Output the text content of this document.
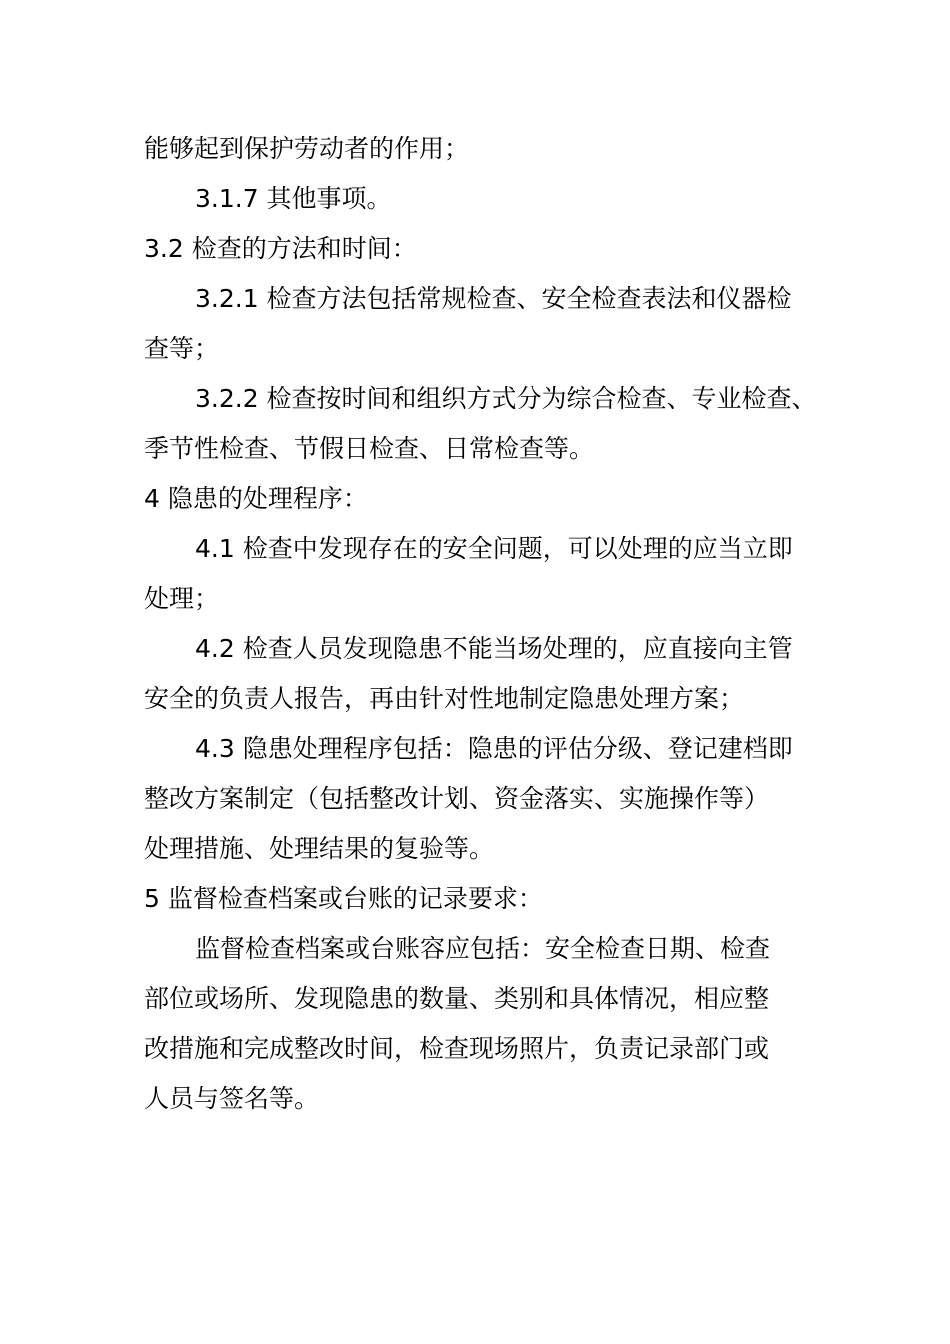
能够起到保护劳动者的作用；
3.1.7 其他事项。
3.2 检查的方法和时间：
3.2.1 检查方法包括常规检查、安全检查表法和仪器检
查等；
3.2.2 检查按时间和组织方式分为综合检查、专业检查、
季节性检查、节假日检查、日常检查等。
4 隐患的处理程序：
4.1 检查中发现存在的安全问题，可以处理的应当立即
处理；
4.2 检查人员发现隐患不能当场处理的，应直接向主管
安全的负责人报告，再由针对性地制定隐患处理方案；
4.3 隐患处理程序包括：隐患的评估分级、登记建档即
整改方案制定（包括整改计划、资金落实、实施操作等）
处理措施、处理结果的复验等。
5 监督检查档案或台账的记录要求：
监督检查档案或台账容应包括：安全检查日期、检查
部位或场所、发现隐患的数量、类别和具体情况，相应整
改措施和完成整改时间，检查现场照片，负责记录部门或
人员与签名等。
